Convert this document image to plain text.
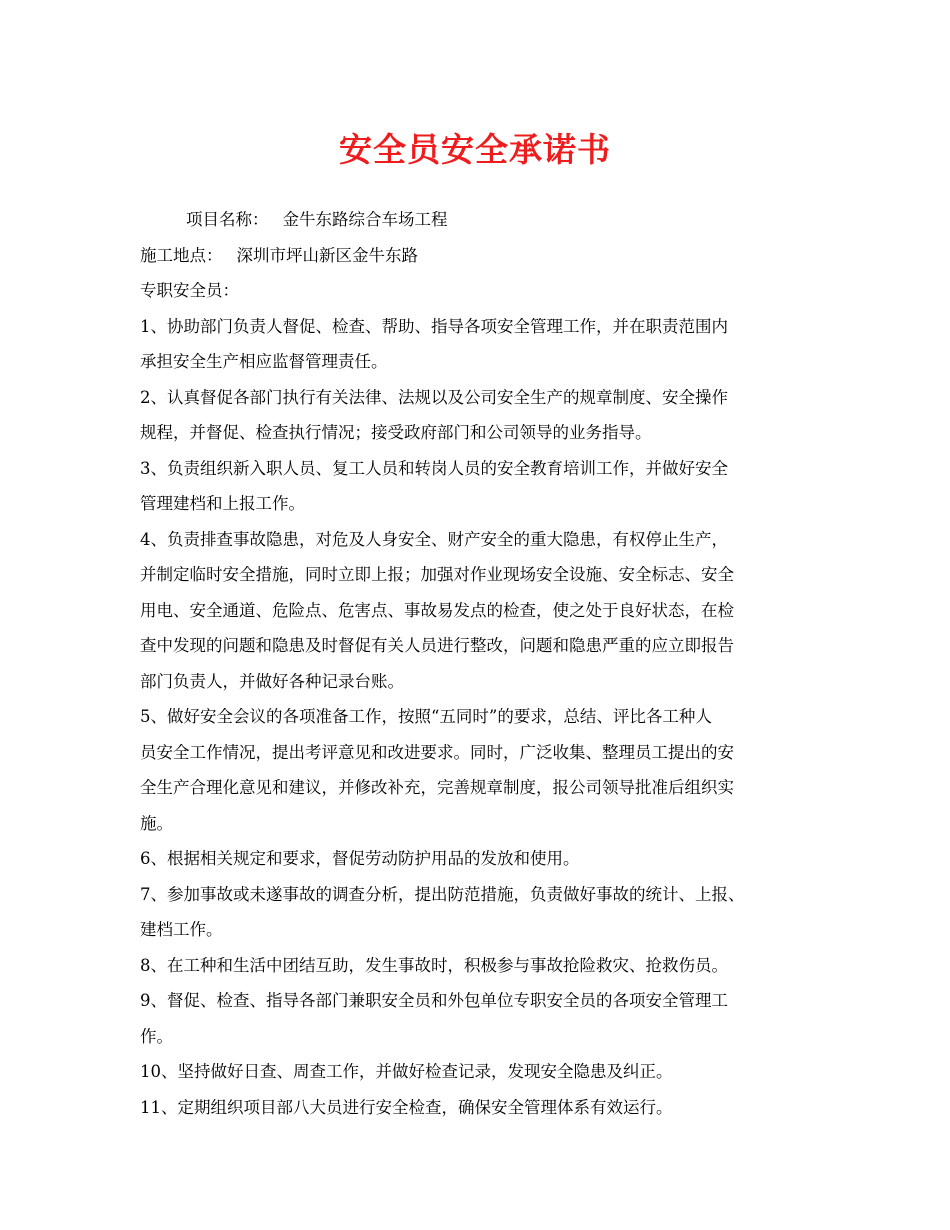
安全员安全承诺书
项目名称： 金牛东路综合车场工程
施工地点： 深圳市坪山新区金牛东路
专职安全员：
1、协助部门负责人督促、检查、帮助、指导各项安全管理工作，并在职责范围内
承担安全生产相应监督管理责任。
2、认真督促各部门执行有关法律、法规以及公司安全生产的规章制度、安全操作
规程，并督促、检查执行情况；接受政府部门和公司领导的业务指导。
3、负责组织新入职人员、复工人员和转岗人员的安全教育培训工作，并做好安全
管理建档和上报工作。
4、负责排查事故隐患，对危及人身安全、财产安全的重大隐患，有权停止生产，
并制定临时安全措施，同时立即上报；加强对作业现场安全设施、安全标志、安全
用电、安全通道、危险点、危害点、事故易发点的检查，使之处于良好状态，在检
查中发现的问题和隐患及时督促有关人员进行整改，问题和隐患严重的应立即报告
部门负责人，并做好各种记录台账。
5、做好安全会议的各项准备工作，按照“五同时”的要求，总结、评比各工种人
员安全工作情况，提出考评意见和改进要求。同时，广泛收集、整理员工提出的安
全生产合理化意见和建议，并修改补充，完善规章制度，报公司领导批准后组织实
施。
6、根据相关规定和要求，督促劳动防护用品的发放和使用。
7、参加事故或未遂事故的调查分析，提出防范措施，负责做好事故的统计、上报、
建档工作。
8、在工种和生活中团结互助，发生事故时，积极参与事故抢险救灾、抢救伤员。
9、督促、检查、指导各部门兼职安全员和外包单位专职安全员的各项安全管理工
作。
10、坚持做好日查、周查工作，并做好检查记录，发现安全隐患及纠正。
11、定期组织项目部八大员进行安全检查，确保安全管理体系有效运行。
